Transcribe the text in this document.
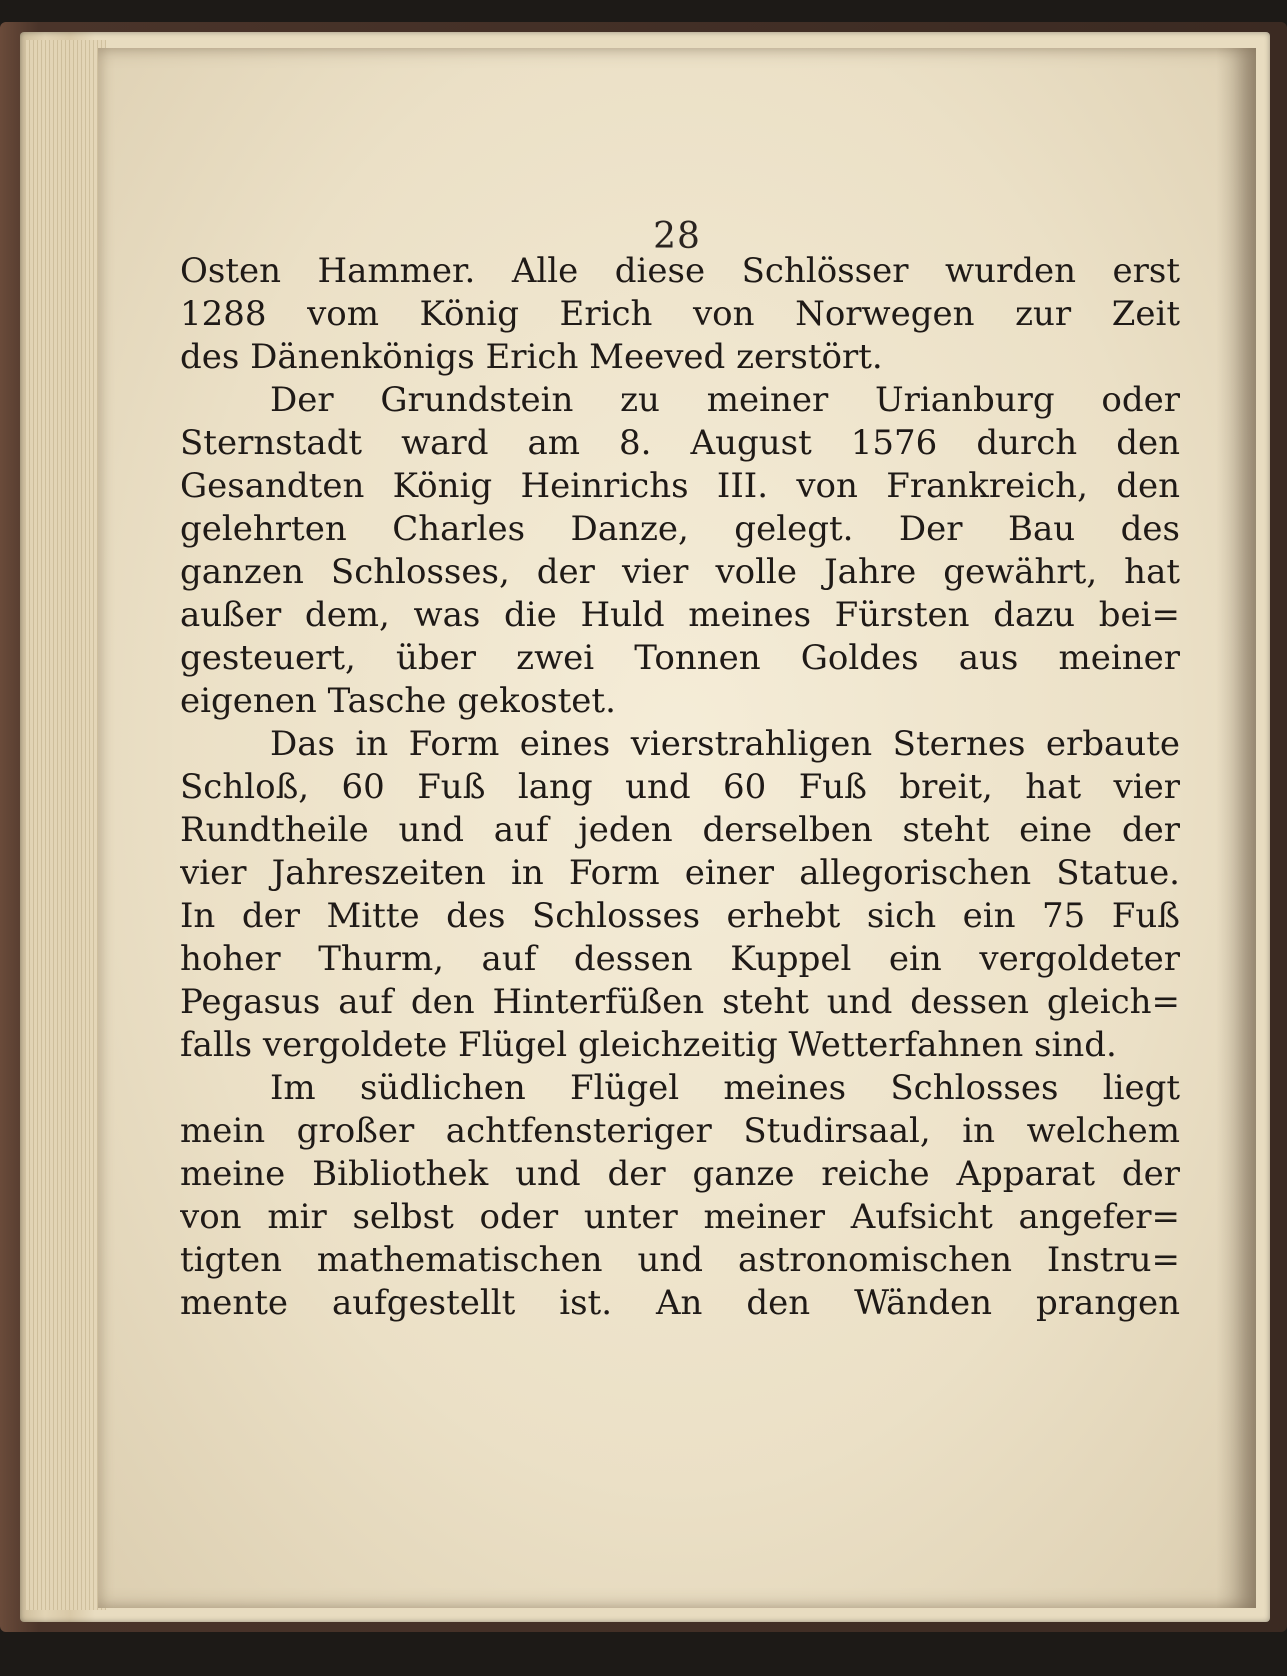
28
Osten Hammer. Alle diese Schlösser wurden erst
1288 vom König Erich von Norwegen zur Zeit
des Dänenkönigs Erich Meeved zerstört.
Der Grundstein zu meiner Urianburg oder
Sternstadt ward am 8. August 1576 durch den
Gesandten König Heinrichs III. von Frankreich, den
gelehrten Charles Danze, gelegt. Der Bau des
ganzen Schlosses, der vier volle Jahre gewährt, hat
außer dem, was die Huld meines Fürsten dazu bei=
gesteuert, über zwei Tonnen Goldes aus meiner
eigenen Tasche gekostet.
Das in Form eines vierstrahligen Sternes erbaute
Schloß, 60 Fuß lang und 60 Fuß breit, hat vier
Rundtheile und auf jeden derselben steht eine der
vier Jahreszeiten in Form einer allegorischen Statue.
In der Mitte des Schlosses erhebt sich ein 75 Fuß
hoher Thurm, auf dessen Kuppel ein vergoldeter
Pegasus auf den Hinterfüßen steht und dessen gleich=
falls vergoldete Flügel gleichzeitig Wetterfahnen sind.
Im südlichen Flügel meines Schlosses liegt
mein großer achtfensteriger Studirsaal, in welchem
meine Bibliothek und der ganze reiche Apparat der
von mir selbst oder unter meiner Aufsicht angefer=
tigten mathematischen und astronomischen Instru=
mente aufgestellt ist. An den Wänden prangen
